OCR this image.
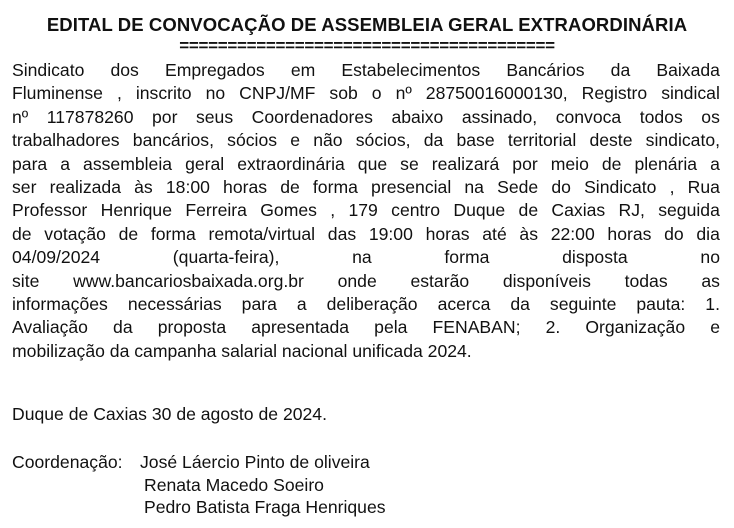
EDITAL DE CONVOCAÇÃO DE ASSEMBLEIA GERAL EXTRAORDINÁRIA
=======================================
Sindicato dos Empregados em Estabelecimentos Bancários da Baixada
Fluminense , inscrito no CNPJ/MF sob o nº 28750016000130, Registro sindical
nº 117878260 por seus Coordenadores abaixo assinado, convoca todos os
trabalhadores bancários, sócios e não sócios, da base territorial deste sindicato,
para a assembleia geral extraordinária que se realizará por meio de plenária a
ser realizada às 18:00 horas de forma presencial na Sede do Sindicato , Rua
Professor Henrique Ferreira Gomes , 179 centro Duque de Caxias RJ, seguida
de votação de forma remota/virtual das 19:00 horas até às 22:00 horas do dia
04/09/2024	(quarta-feira),	na	forma	disposta	no
site www.bancariosbaixada.org.br onde estarão disponíveis todas as
informações necessárias para a deliberação acerca da seguinte pauta: 1.
Avaliação da proposta apresentada pela FENABAN; 2. Organização e
mobilização da campanha salarial nacional unificada 2024.
Duque de Caxias 30 de agosto de 2024.
Coordenação: José Láercio Pinto de oliveira
Renata Macedo Soeiro
Pedro Batista Fraga Henriques
